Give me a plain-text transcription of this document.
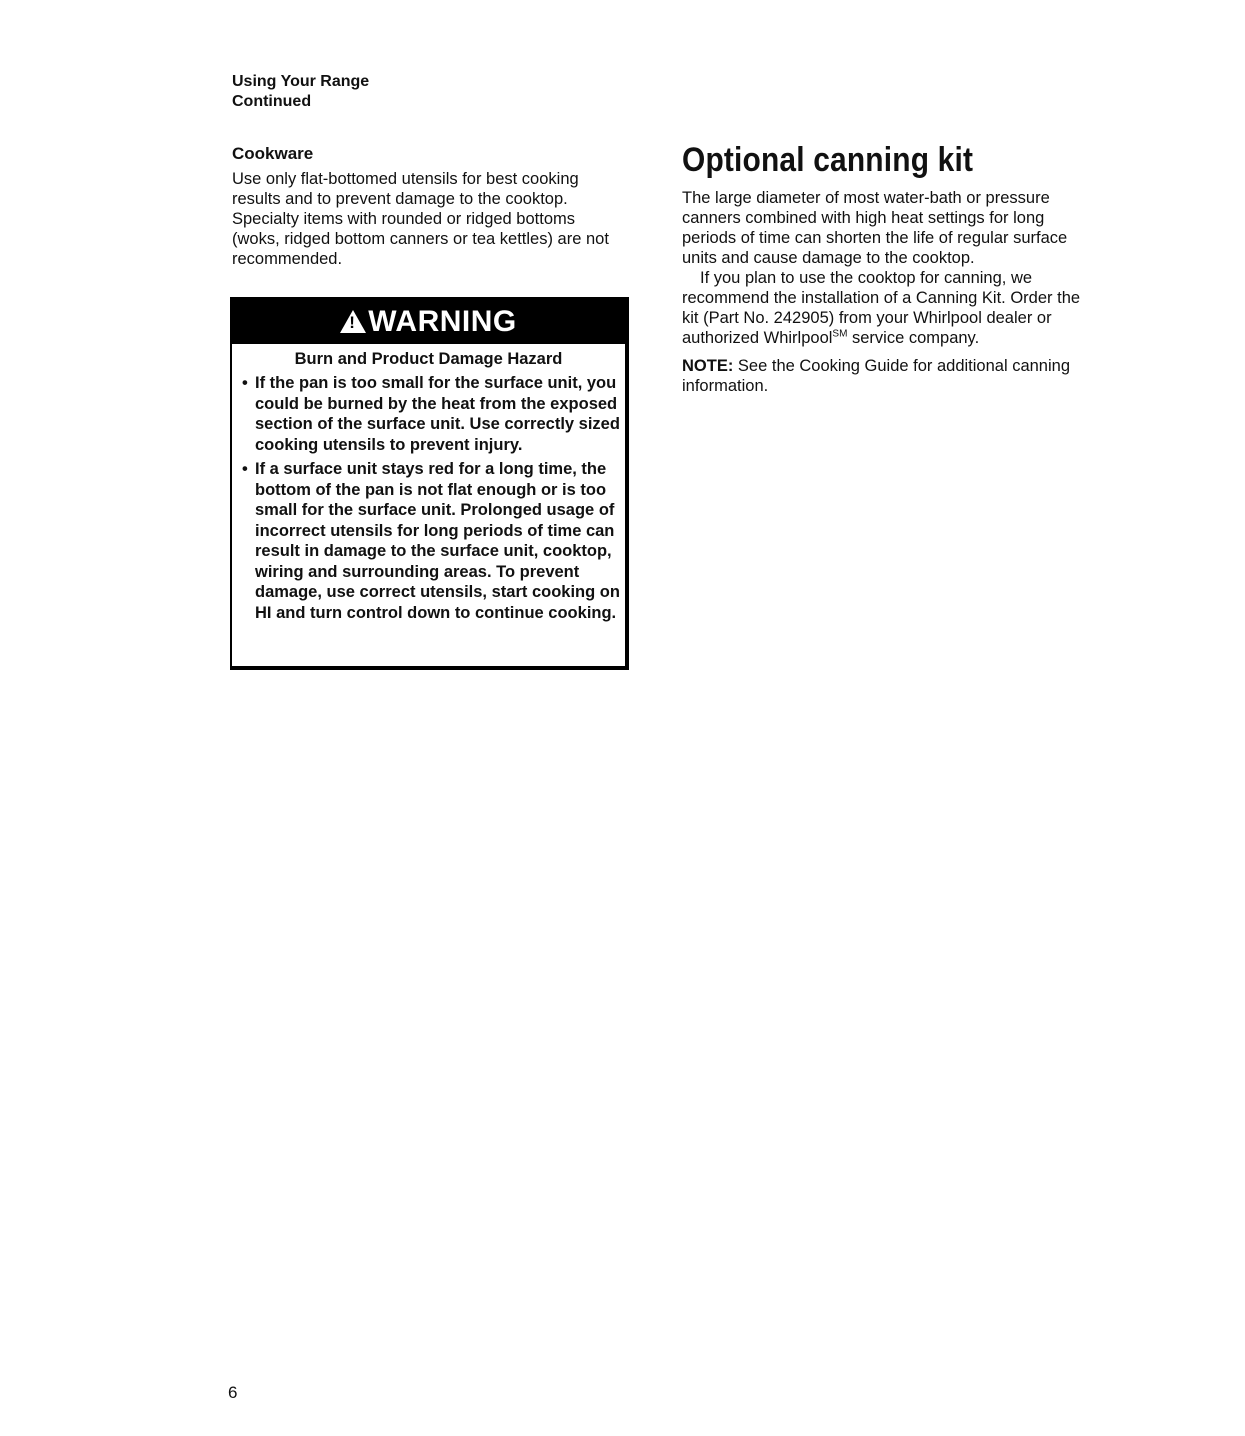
Using Your Range
Continued
Cookware

Use only flat-bottomed utensils for best cooking results and to prevent damage to the cooktop. Specialty items with rounded or ridged bottoms (woks, ridged bottom canners or tea kettles) are not recommended.

!
WARNING
Burn and Product Damage Hazard
• If the pan is too small for the surface unit, you could be burned by the heat from the exposed section of the surface unit. Use correctly sized cooking utensils to prevent injury.
• If a surface unit stays red for a long time, the bottom of the pan is not flat enough or is too small for the surface unit. Prolonged usage of incorrect utensils for long periods of time can result in damage to the surface unit, cooktop, wiring and surrounding areas. To prevent damage, use correct utensils, start cooking on HI and turn control down to continue cooking.
Optional canning kit

The large diameter of most water-bath or pressure canners combined with high heat settings for long periods of time can shorten the life of regular surface units and cause damage to the cooktop.

If you plan to use the cooktop for canning, we recommend the installation of a Canning Kit. Order the kit (Part No. 242905) from your Whirlpool dealer or authorized Whirlpool℠ service company.

NOTE: See the Cooking Guide for additional canning information.

6
